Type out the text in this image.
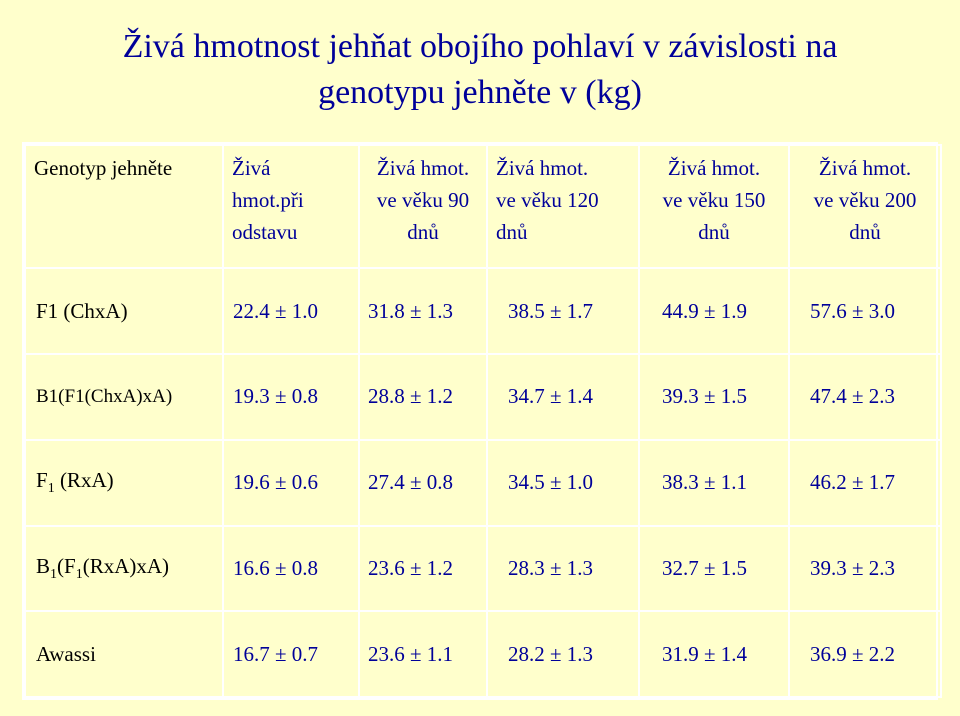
Živá hmotnost jehňat obojího pohlaví v závislosti na
genotypu jehněte v (kg)
Genotyp jehněte	Živá
hmot.při
odstavu	Živá hmot.
ve věku 90
dnů	Živá hmot.
ve věku 120
dnů	Živá hmot.
ve věku 150
dnů	Živá hmot.
ve věku 200
dnů
F1 (ChxA)	22.4 ± 1.0	31.8 ± 1.3	38.5 ± 1.7	44.9 ± 1.9	57.6 ± 3.0
B1(F1(ChxA)xA)	19.3 ± 0.8	28.8 ± 1.2	34.7 ± 1.4	39.3 ± 1.5	47.4 ± 2.3
$F_1$ (RxA)	19.6 ± 0.6	27.4 ± 0.8	34.5 ± 1.0	38.3 ± 1.1	46.2 ± 1.7
$B_1(F_1(RxA)xA)$	16.6 ± 0.8	23.6 ± 1.2	28.3 ± 1.3	32.7 ± 1.5	39.3 ± 2.3
Awassi	16.7 ± 0.7	23.6 ± 1.1	28.2 ± 1.3	31.9 ± 1.4	36.9 ± 2.2
